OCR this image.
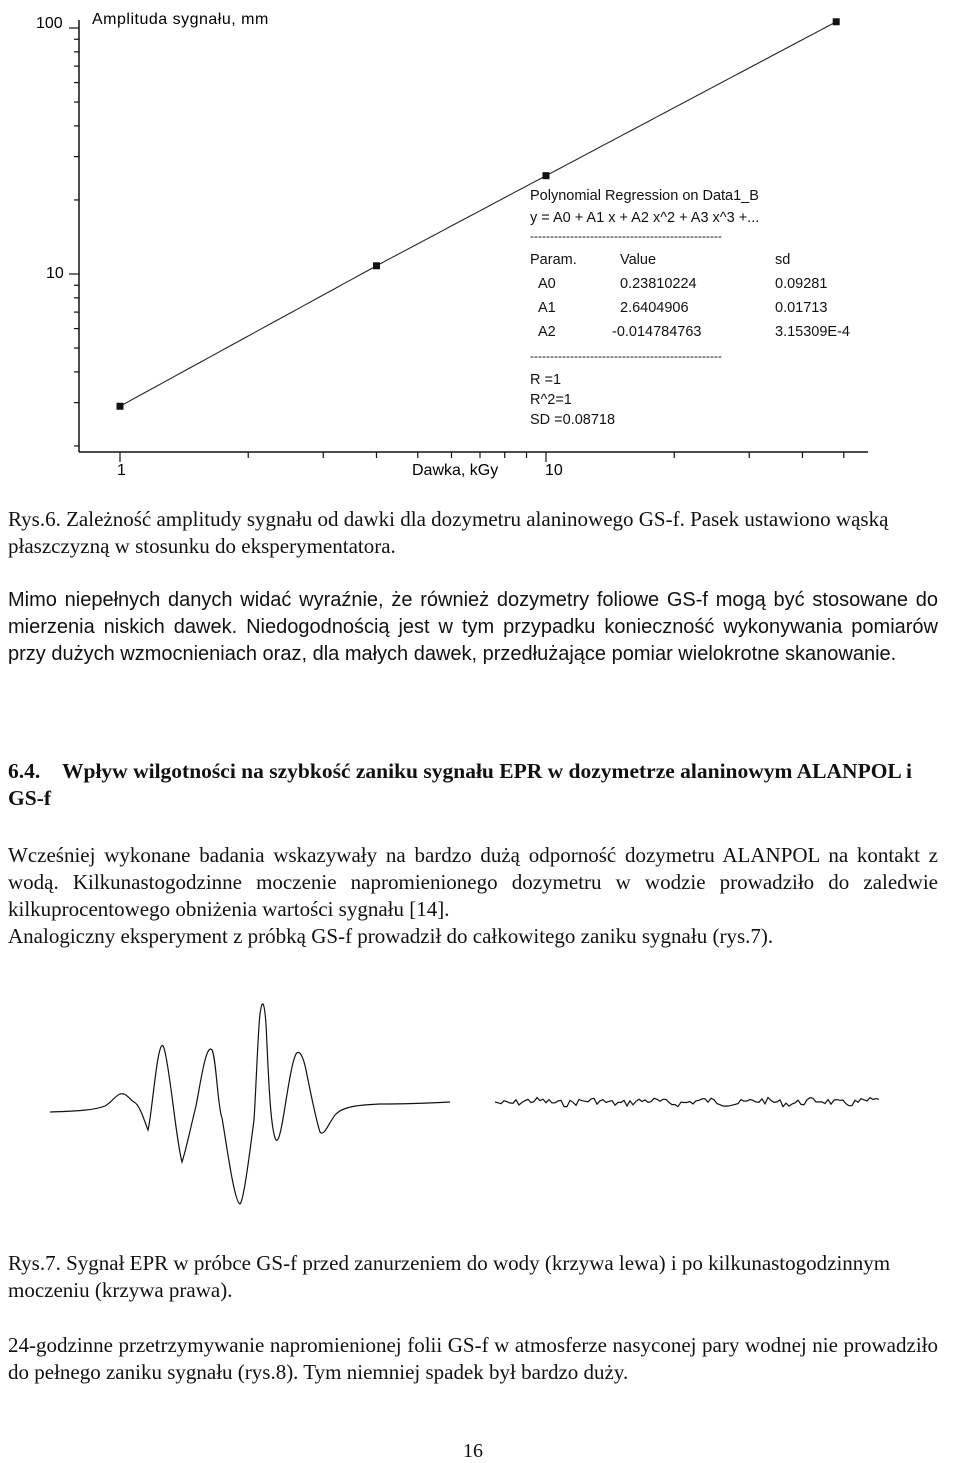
100
10
Amplituda sygnału, mm
1	10
Dawka, kGy
Polynomial Regression on Data1_B
y = A0 + A1 x + A2 x^2 + A3 x^3 +...
------------------------------------------------
Param.	Value	sd
A0	0.23810224	0.09281
A1	2.6404906	0.01713
A2	-0.014784763	3.15309E-4
------------------------------------------------
R =1
R^2=1
SD =0.08718
Rys.6. Zależność amplitudy sygnału od dawki dla dozymetru alaninowego GS-f. Pasek ustawiono wąską płaszczyzną w stosunku do eksperymentatora.
Mimo niepełnych danych widać wyraźnie, że również dozymetry foliowe GS-f mogą być stosowane do mierzenia niskich dawek. Niedogodnością jest w tym przypadku konieczność wykonywania pomiarów przy dużych wzmocnieniach oraz, dla małych dawek, przedłużające pomiar wielokrotne skanowanie.
6.4. Wpływ wilgotności na szybkość zaniku sygnału EPR w dozymetrze alaninowym ALANPOL i GS-f
Wcześniej wykonane badania wskazywały na bardzo dużą odporność dozymetru ALANPOL na kontakt z wodą. Kilkunastogodzinne moczenie napromienionego dozymetru w wodzie prowadziło do zaledwie kilkuprocentowego obniżenia wartości sygnału [14].
Analogiczny eksperyment z próbką GS-f prowadził do całkowitego zaniku sygnału (rys.7).
Rys.7. Sygnał EPR w próbce GS-f przed zanurzeniem do wody (krzywa lewa) i po kilkunastogodzinnym moczeniu (krzywa prawa).
24-godzinne przetrzymywanie napromienionej folii GS-f w atmosferze nasyconej pary wodnej nie prowadziło do pełnego zaniku sygnału (rys.8). Tym niemniej spadek był bardzo duży.
16
